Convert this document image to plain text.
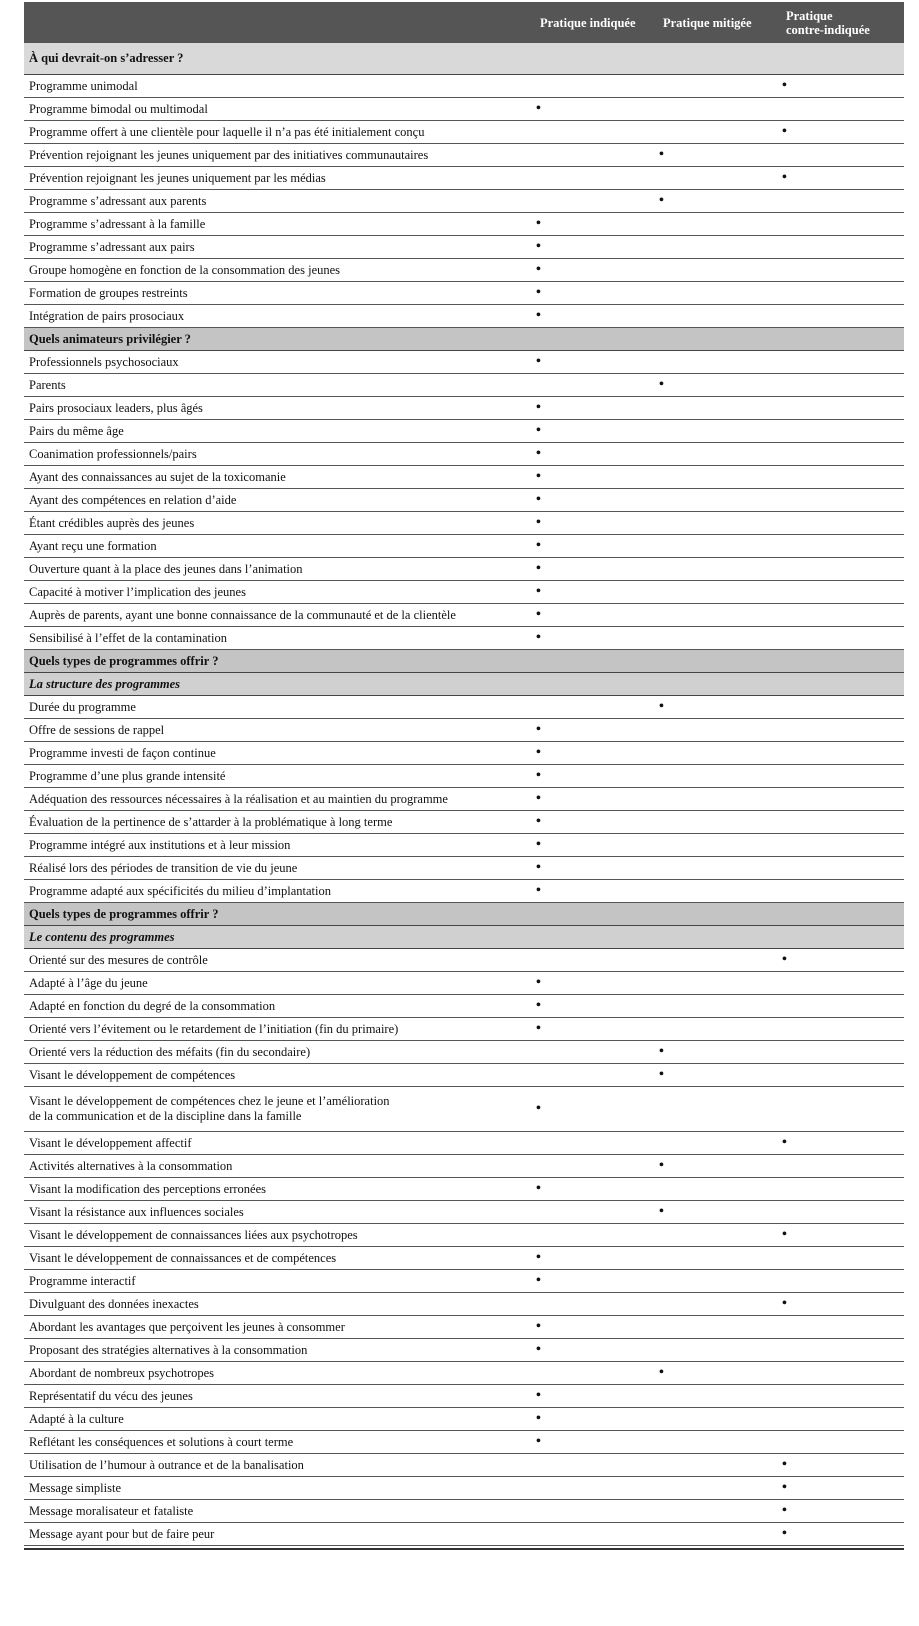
	Pratique indiquée	Pratique mitigée	Pratique
contre-indiquée

À qui devrait-on s’adresser ?			
Programme unimodal			•
Programme bimodal ou multimodal	•		
Programme offert à une clientèle pour laquelle il n’a pas été initialement conçu			•
Prévention rejoignant les jeunes uniquement par des initiatives communautaires		•	
Prévention rejoignant les jeunes uniquement par les médias			•
Programme s’adressant aux parents		•	
Programme s’adressant à la famille	•		
Programme s’adressant aux pairs	•		
Groupe homogène en fonction de la consommation des jeunes	•		
Formation de groupes restreints	•		
Intégration de pairs prosociaux	•		
Quels animateurs privilégier ?			
Professionnels psychosociaux	•		
Parents		•	
Pairs prosociaux leaders, plus âgés	•		
Pairs du même âge	•		
Coanimation professionnels/pairs	•		
Ayant des connaissances au sujet de la toxicomanie	•		
Ayant des compétences en relation d’aide	•		
Étant crédibles auprès des jeunes	•		
Ayant reçu une formation	•		
Ouverture quant à la place des jeunes dans l’animation	•		
Capacité à motiver l’implication des jeunes	•		
Auprès de parents, ayant une bonne connaissance de la communauté et de la clientèle	•		
Sensibilisé à l’effet de la contamination	•		
Quels types de programmes offrir ?			
La structure des programmes			
Durée du programme		•	
Offre de sessions de rappel	•		
Programme investi de façon continue	•		
Programme d’une plus grande intensité	•		
Adéquation des ressources nécessaires à la réalisation et au maintien du programme	•		
Évaluation de la pertinence de s’attarder à la problématique à long terme	•		
Programme intégré aux institutions et à leur mission	•		
Réalisé lors des périodes de transition de vie du jeune	•		
Programme adapté aux spécificités du milieu d’implantation	•		
Quels types de programmes offrir ?			
Le contenu des programmes			
Orienté sur des mesures de contrôle			•
Adapté à l’âge du jeune	•		
Adapté en fonction du degré de la consommation	•		
Orienté vers l’évitement ou le retardement de l’initiation (fin du primaire)	•		
Orienté vers la réduction des méfaits (fin du secondaire)		•	
Visant le développement de compétences		•	
Visant le développement de compétences chez le jeune et l’amélioration
de la communication et de la discipline dans la famille	•		
Visant le développement affectif			•
Activités alternatives à la consommation		•	
Visant la modification des perceptions erronées	•		
Visant la résistance aux influences sociales		•	
Visant le développement de connaissances liées aux psychotropes			•
Visant le développement de connaissances et de compétences	•		
Programme interactif	•		
Divulguant des données inexactes			•
Abordant les avantages que perçoivent les jeunes à consommer	•		
Proposant des stratégies alternatives à la consommation	•		
Abordant de nombreux psychotropes		•	
Représentatif du vécu des jeunes	•		
Adapté à la culture	•		
Reflétant les conséquences et solutions à court terme	•		
Utilisation de l’humour à outrance et de la banalisation			•
Message simpliste			•
Message moralisateur et fataliste			•
Message ayant pour but de faire peur			•
